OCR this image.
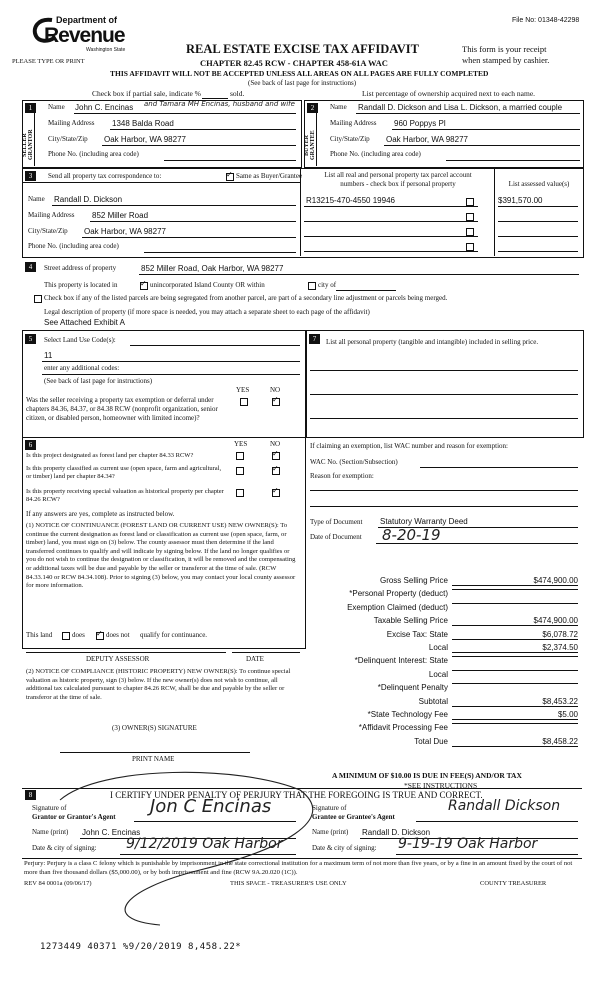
File No: 01348-42298
Department of
Revenue
Washington State
PLEASE TYPE OR PRINT
REAL ESTATE EXCISE TAX AFFIDAVIT
CHAPTER 82.45 RCW - CHAPTER 458-61A WAC
This form is your receipt
when stamped by cashier.
THIS AFFIDAVIT WILL NOT BE ACCEPTED UNLESS ALL AREAS ON ALL PAGES ARE FULLY COMPLETED
(See back of last page for instructions)
Check box if partial sale, indicate %	sold.	List percentage of ownership acquired next to each name.
1
SELLER GRANTOR
Name John C. Encinas and Tamara MH Encinas, husband and wife
Mailing Address 1348 Balda Road
City/State/Zip Oak Harbor, WA 98277
Phone No. (including area code)
2
BUYER GRANTEE
Name Randall D. Dickson and Lisa L. Dickson, a married couple
Mailing Address 960 Poppys Pl
City/State/Zip Oak Harbor, WA 98277
Phone No. (including area code)
3	Send all property tax correspondence to: ✓	Same as Buyer/Grantee
Name Randall D. Dickson
Mailing Address 852 Miller Road
City/State/Zip Oak Harbor, WA 98277
Phone No. (including area code)
List all real and personal property tax parcel account
numbers - check box if personal property	List assessed value(s)
R13215-470-4550 19946	$391,570.00
4	Street address of property	852 Miller Road, Oak Harbor, WA 98277
This property is located in ✓	unincorporated Island County OR within	city of
Check box if any of the listed parcels are being segregated from another parcel, are part of a secondary line adjustment or parcels being merged.
Legal description of property (if more space is needed, you may attach a separate sheet to each page of the affidavit)
See Attached Exhibit A
5	Select Land Use Code(s):
11
enter any additional codes:
(See back of last page for instructions)
YES	NO
Was the seller receiving a property tax exemption or deferral under chapters 84.36, 84.37, or 84.38 RCW (nonprofit organization, senior citizen, or disabled person, homeowner with limited income)?
✓
7	List all personal property (tangible and intangible) included in selling price.
6	YES	NO
Is this project designated as forest land per chapter 84.33 RCW?
✓
Is this property classified as current use (open space, farm and agricultural, or timber) land per chapter 84.34?
✓
Is this property receiving special valuation as historical property per chapter 84.26 RCW?
✓
If any answers are yes, complete as instructed below.
(1) NOTICE OF CONTINUANCE (FOREST LAND OR CURRENT USE) NEW OWNER(S): To continue the current designation as forest land or classification as current use (open space, farm, or timber) land, you must sign on (3) below. The county assessor must then determine if the land transferred continues to qualify and will indicate by signing below. If the land no longer qualifies or you do not wish to continue the designation or classification, it will be removed and the compensating or additional taxes will be due and payable by the seller or transferor at the time of sale. (RCW 84.33.140 or RCW 84.34.108). Prior to signing (3) below, you may contact your local county assessor for more information.
This land	does ✓	does not qualify for continuance.
DEPUTY ASSESSOR	DATE
(2) NOTICE OF COMPLIANCE (HISTORIC PROPERTY) NEW OWNER(S): To continue special valuation as historic property, sign (3) below. If the new owner(s) does not wish to continue, all additional tax calculated pursuant to chapter 84.26 RCW, shall be due and payable by the seller or transferor at the time of sale.
(3) OWNER(S) SIGNATURE
PRINT NAME
If claiming an exemption, list WAC number and reason for exemption:
WAC No. (Section/Subsection)
Reason for exemption:
Type of Document Statutory Warranty Deed
Date of Document 8-20-19
Gross Selling Price	$474,900.00
*Personal Property (deduct)
Exemption Claimed (deduct)
Taxable Selling Price	$474,900.00
Excise Tax: State	$6,078.72
Local	$2,374.50
*Delinquent Interest: State
Local
*Delinquent Penalty
Subtotal	$8,453.22
*State Technology Fee	$5.00
*Affidavit Processing Fee
Total Due	$8,458.22
A MINIMUM OF $10.00 IS DUE IN FEE(S) AND/OR TAX
*SEE INSTRUCTIONS
8	I CERTIFY UNDER PENALTY OF PERJURY THAT THE FOREGOING IS TRUE AND CORRECT.
Signature of
Grantor or Grantor's Agent Jon C Encinas	Signature of
Grantee or Grantee's Agent
Randall Dickson
Name (print) John C. Encinas	Name (print) Randall D. Dickson
Date & city of signing: 9/12/2019 Oak Harbor	Date & city of signing: 9-19-19 Oak Harbor
Perjury: Perjury is a class C felony which is punishable by imprisonment in the state correctional institution for a maximum term of not more than five years, or by a fine in an amount fixed by the court of not more than five thousand dollars ($5,000.00), or by both imprisonment and fine (RCW 9A.20.020 (1C)).
REV 84 0001a (09/06/17)	THIS SPACE - TREASURER'S USE ONLY	COUNTY TREASURER
1273449 40371 %9/20/2019 8,458.22*
